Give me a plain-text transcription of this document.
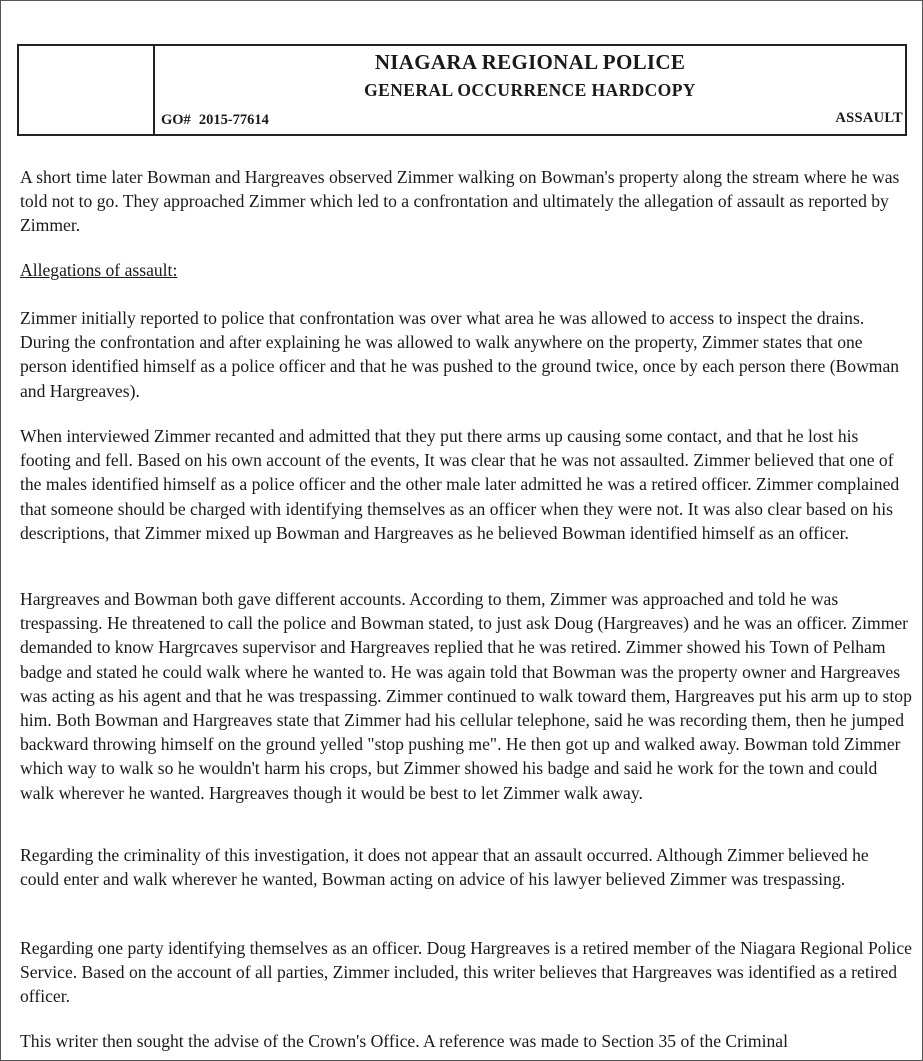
NIAGARA REGIONAL POLICE
GENERAL OCCURRENCE HARDCOPY
GO# 2015-77614	ASSAULT

A short time later Bowman and Hargreaves observed Zimmer walking on Bowman's property along the stream where he was told not to go. They approached Zimmer which led to a confrontation and ultimately the allegation of assault as reported by Zimmer.

Allegations of assault:

Zimmer initially reported to police that confrontation was over what area he was allowed to access to inspect the drains. During the confrontation and after explaining he was allowed to walk anywhere on the property, Zimmer states that one person identified himself as a police officer and that he was pushed to the ground twice, once by each person there (Bowman and Hargreaves).

When interviewed Zimmer recanted and admitted that they put there arms up causing some contact, and that he lost his footing and fell. Based on his own account of the events, It was clear that he was not assaulted. Zimmer believed that one of the males identified himself as a police officer and the other male later admitted he was a retired officer. Zimmer complained that someone should be charged with identifying themselves as an officer when they were not. It was also clear based on his descriptions, that Zimmer mixed up Bowman and Hargreaves as he believed Bowman identified himself as an officer.

Hargreaves and Bowman both gave different accounts. According to them, Zimmer was approached and told he was trespassing. He threatened to call the police and Bowman stated, to just ask Doug (Hargreaves) and he was an officer. Zimmer demanded to know Hargrcaves supervisor and Hargreaves replied that he was retired. Zimmer showed his Town of Pelham badge and stated he could walk where he wanted to. He was again told that Bowman was the property owner and Hargreaves was acting as his agent and that he was trespassing. Zimmer continued to walk toward them, Hargreaves put his arm up to stop him. Both Bowman and Hargreaves state that Zimmer had his cellular telephone, said he was recording them, then he jumped backward throwing himself on the ground yelled "stop pushing me". He then got up and walked away. Bowman told Zimmer which way to walk so he wouldn't harm his crops, but Zimmer showed his badge and said he work for the town and could walk wherever he wanted. Hargreaves though it would be best to let Zimmer walk away.

Regarding the criminality of this investigation, it does not appear that an assault occurred. Although Zimmer believed he could enter and walk wherever he wanted, Bowman acting on advice of his lawyer believed Zimmer was trespassing.

Regarding one party identifying themselves as an officer. Doug Hargreaves is a retired member of the Niagara Regional Police Service. Based on the account of all parties, Zimmer included, this writer believes that Hargreaves was identified as a retired officer.

This writer then sought the advise of the Crown's Office. A reference was made to Section 35 of the Criminal
